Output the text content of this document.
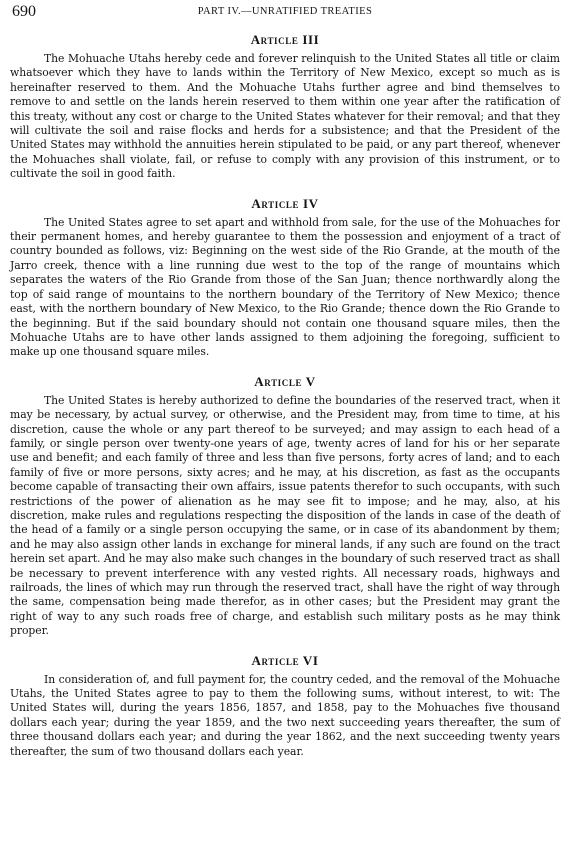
690	PART IV.—UNRATIFIED TREATIES
Article III

The Mohuache Utahs hereby cede and forever relinquish to the United States all title or claim whatsoever which they have to lands within the Territory of New Mexico, except so much as is hereinafter reserved to them. And the Mohuache Utahs further agree and bind themselves to remove to and settle on the lands herein reserved to them within one year after the ratification of this treaty, without any cost or charge to the United States whatever for their removal; and that they will cultivate the soil and raise flocks and herds for a subsistence; and that the President of the United States may withhold the annuities herein stipulated to be paid, or any part thereof, whenever the Mohuaches shall violate, fail, or refuse to comply with any provision of this instrument, or to cultivate the soil in good faith.

Article IV

The United States agree to set apart and withhold from sale, for the use of the Mohuaches for their permanent homes, and hereby guarantee to them the possession and enjoyment of a tract of country bounded as follows, viz: Beginning on the west side of the Rio Grande, at the mouth of the Jarro creek, thence with a line running due west to the top of the range of mountains which separates the waters of the Rio Grande from those of the San Juan; thence northwardly along the top of said range of mountains to the northern boundary of the Territory of New Mexico; thence east, with the northern boundary of New Mexico, to the Rio Grande; thence down the Rio Grande to the beginning. But if the said boundary should not contain one thousand square miles, then the Mohuache Utahs are to have other lands assigned to them adjoining the foregoing, sufficient to make up one thousand square miles.

Article V

The United States is hereby authorized to define the boundaries of the reserved tract, when it may be necessary, by actual survey, or otherwise, and the President may, from time to time, at his discretion, cause the whole or any part thereof to be surveyed; and may assign to each head of a family, or single person over twenty-one years of age, twenty acres of land for his or her separate use and benefit; and each family of three and less than five persons, forty acres of land; and to each family of five or more persons, sixty acres; and he may, at his discretion, as fast as the occupants become capable of transacting their own affairs, issue patents therefor to such occupants, with such restrictions of the power of alienation as he may see fit to impose; and he may, also, at his discretion, make rules and regulations respecting the disposition of the lands in case of the death of the head of a family or a single person occupying the same, or in case of its abandonment by them; and he may also assign other lands in exchange for mineral lands, if any such are found on the tract herein set apart. And he may also make such changes in the boundary of such reserved tract as shall be necessary to prevent interference with any vested rights. All necessary roads, highways and railroads, the lines of which may run through the reserved tract, shall have the right of way through the same, compensation being made therefor, as in other cases; but the President may grant the right of way to any such roads free of charge, and establish such military posts as he may think proper.

Article VI

In consideration of, and full payment for, the country ceded, and the removal of the Mohuache Utahs, the United States agree to pay to them the following sums, without interest, to wit: The United States will, during the years 1856, 1857, and 1858, pay to the Mohuaches five thousand dollars each year; during the year 1859, and the two next succeeding years thereafter, the sum of three thousand dollars each year; and during the year 1862, and the next succeeding twenty years thereafter, the sum of two thousand dollars each year.
